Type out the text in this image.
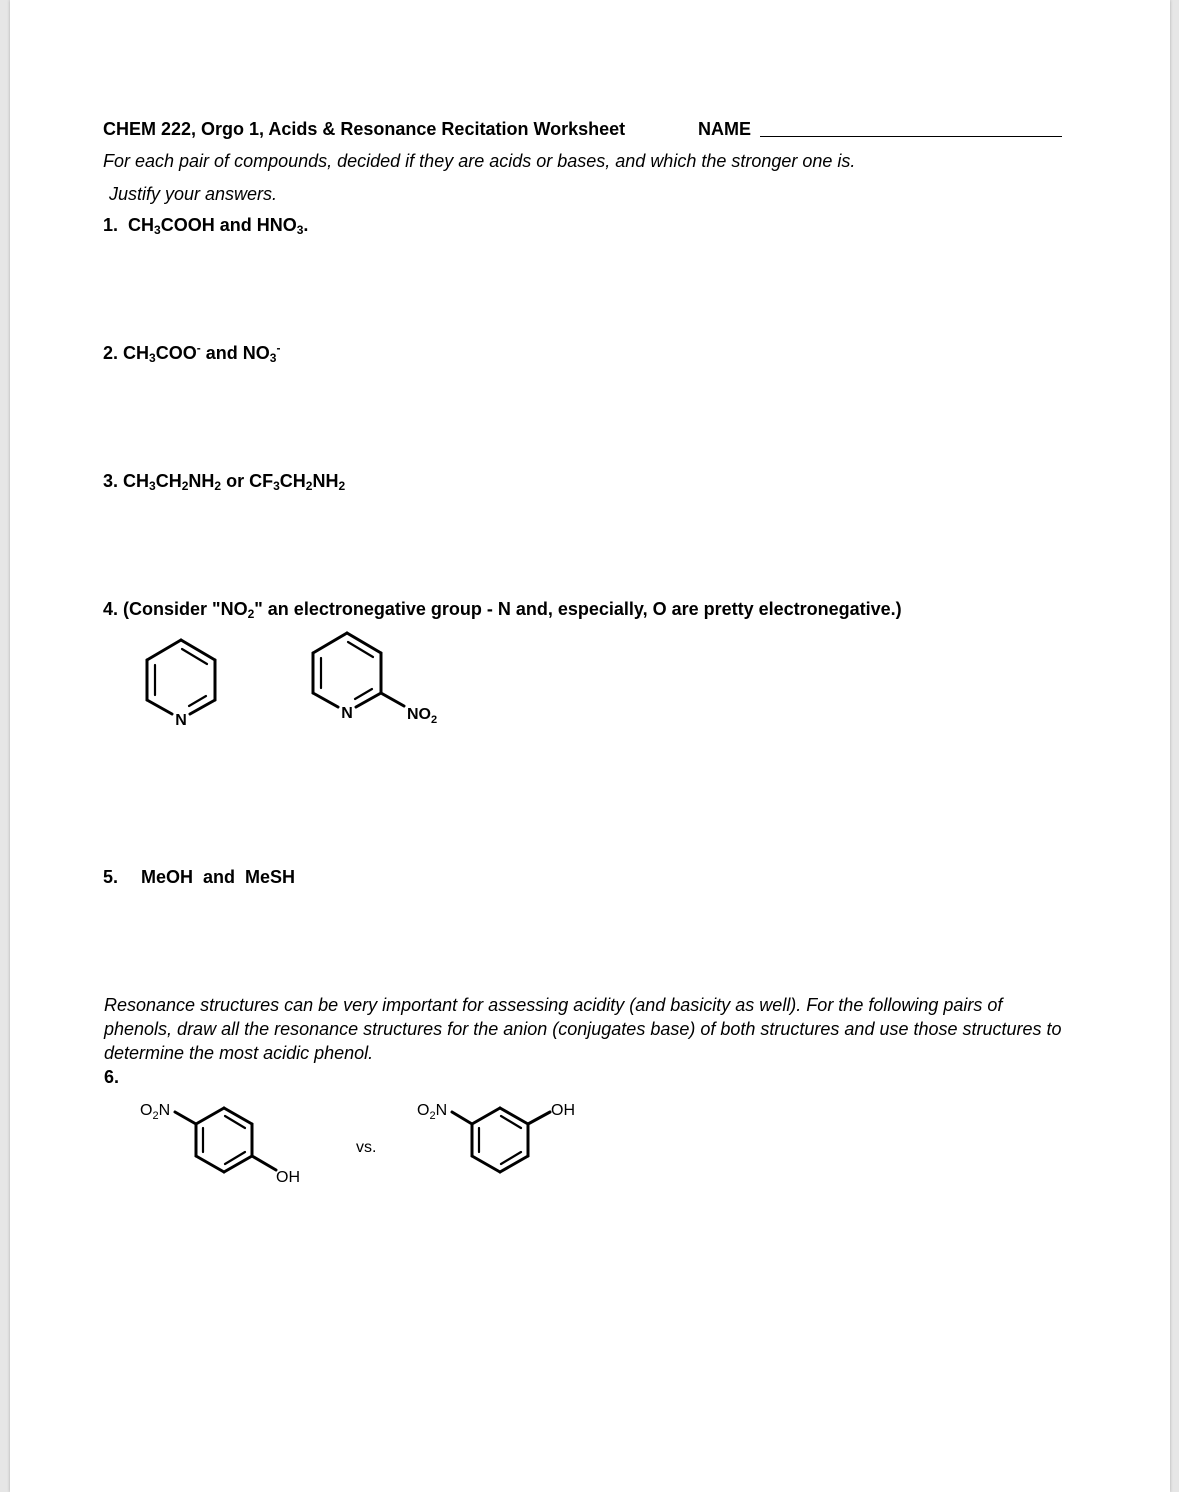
CHEM 222, Orgo 1, Acids & Resonance Recitation Worksheet	NAME
For each pair of compounds, decided if they are acids or bases, and which the stronger one is.
Justify your answers.
1. $CH_3COOH$ and $HNO_3$.
2. $CH_3COO^-$ and $NO_3^-$
3. $CH_3CH_2NH_2$ or $CF_3CH_2NH_2$
4. (Consider "$NO_2$" an electronegative group - N and, especially, O are pretty electronegative.)
N	N	$NO_2$
5. MeOH  and  MeSH
Resonance structures can be very important for assessing acidity (and basicity as well). For the following pairs of phenols, draw all the resonance structures for the anion (conjugates base) of both structures and use those structures to determine the most acidic phenol.
6.
$O_2N$
OH
vs.
$O_2N$	OH
